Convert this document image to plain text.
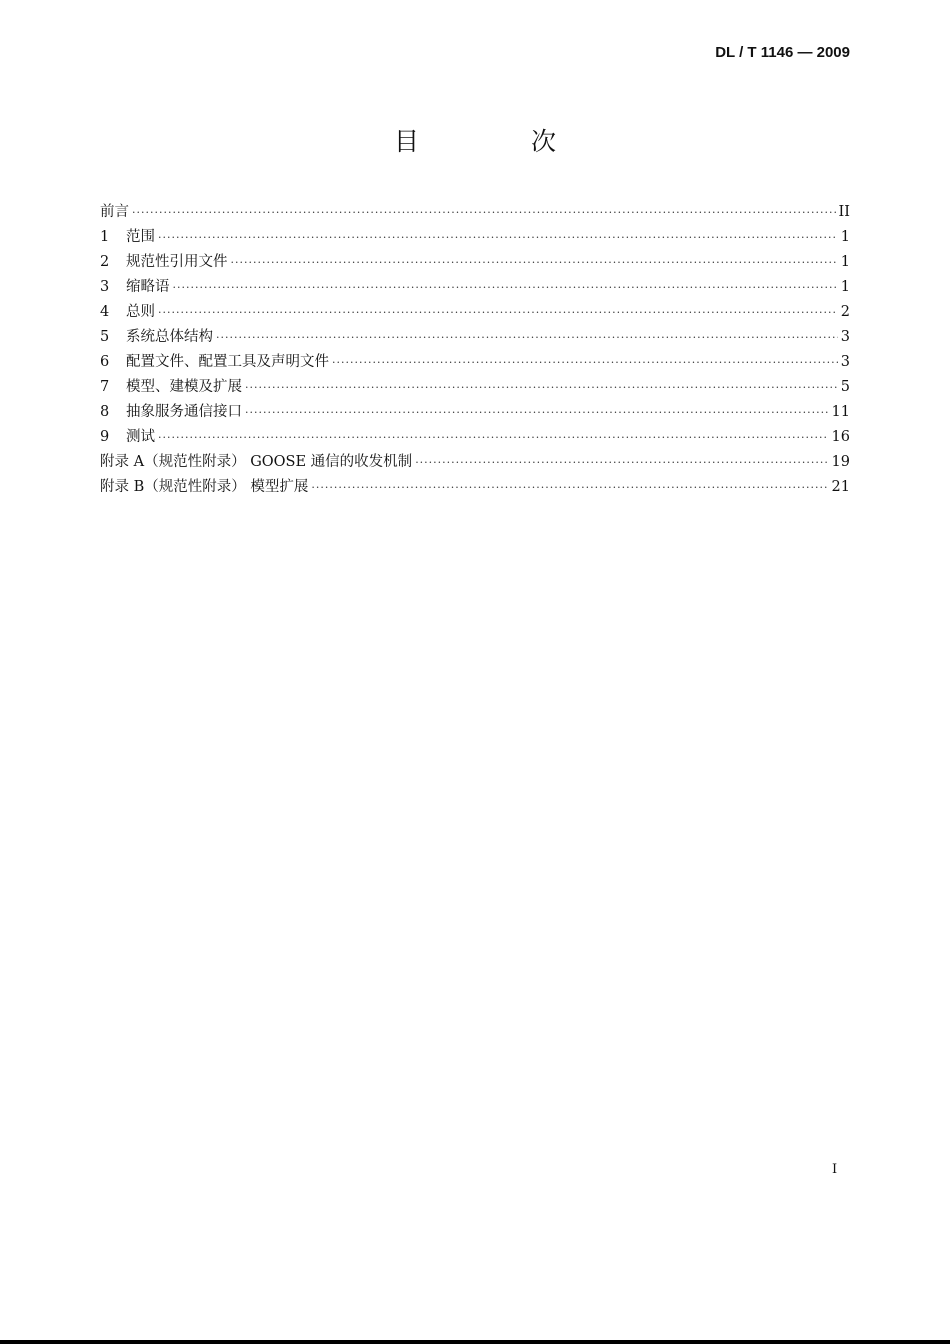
DL / T 1146 — 2009
目 次
前言 ·····	II
1	范围 ·····	1
2	规范性引用文件 ·····	1
3	缩略语 ·····	1
4	总则 ·····	2
5	系统总体结构 ·····	3
6	配置文件、配置工具及声明文件 ·····	3
7	模型、建模及扩展 ·····	5
8	抽象服务通信接口 ·····	11
9	测试 ·····	16
附录 A（规范性附录） GOOSE 通信的收发机制 ·····	19
附录 B（规范性附录） 模型扩展 ·····	21
I
